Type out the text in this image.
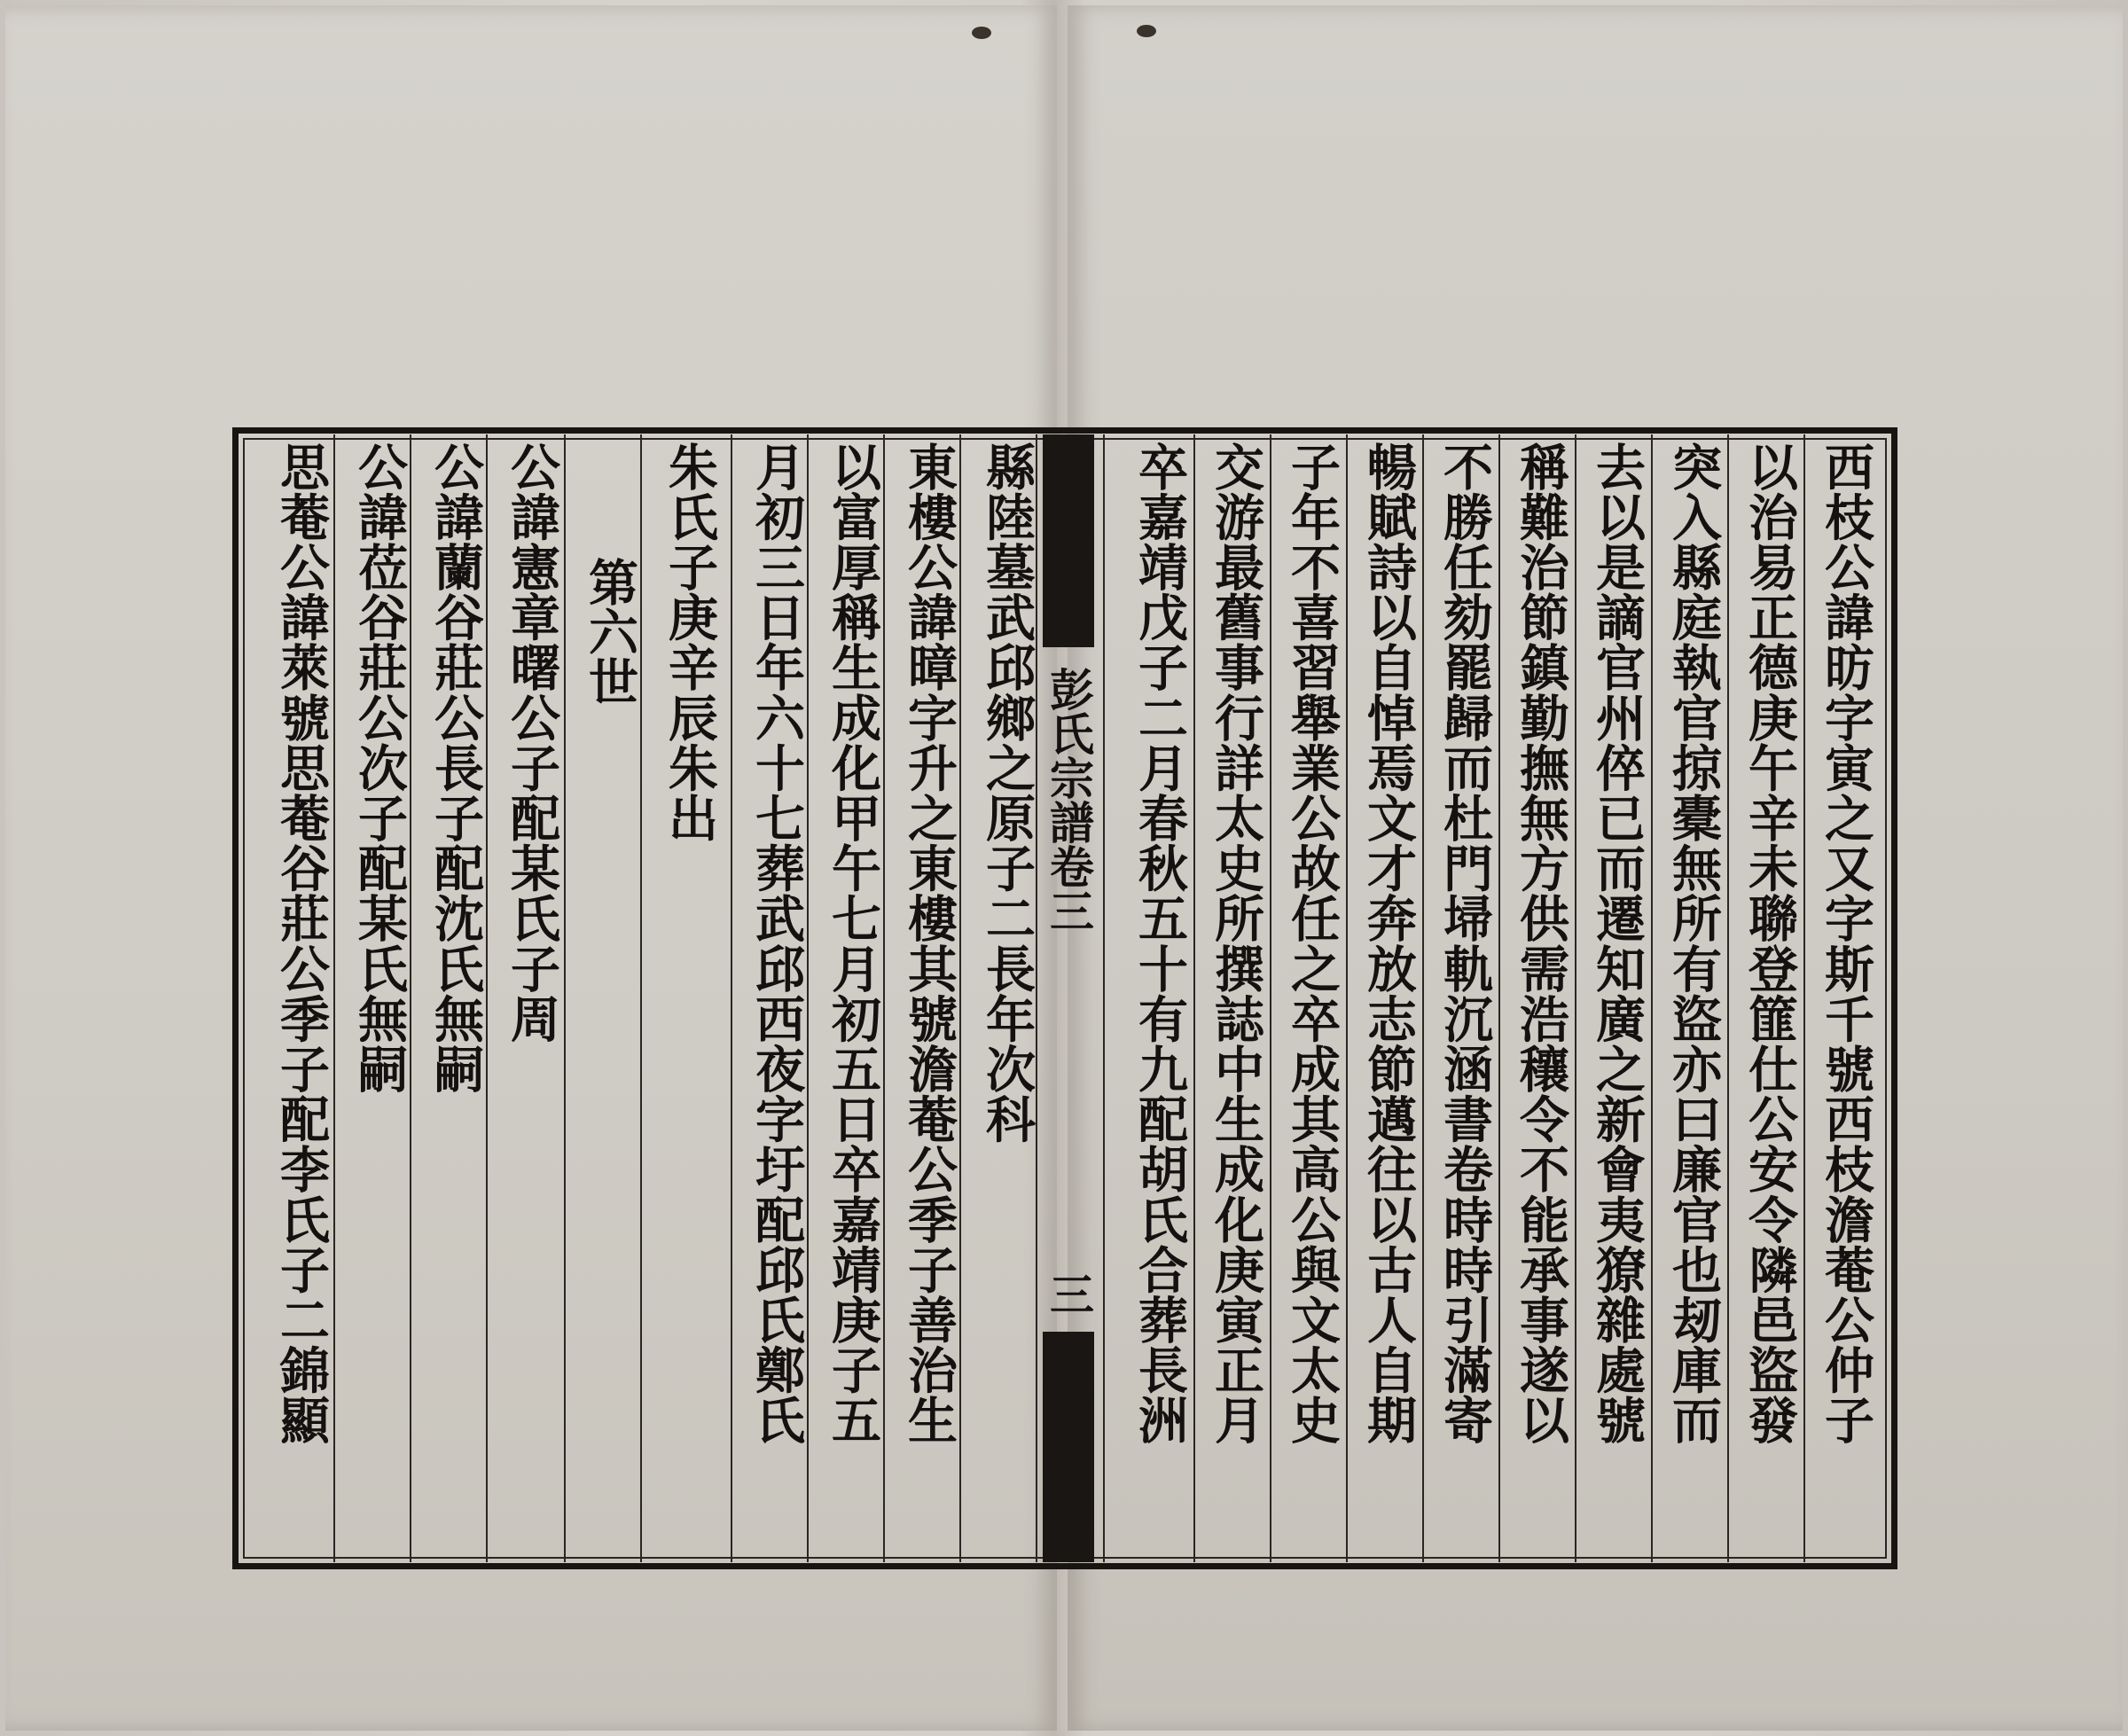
西枝公諱昉字寅之又字斯千號西枝澹菴公仲子
以治易正德庚午辛未聯登篚仕公安令隣邑盜發
突入縣庭執官掠橐無所有盜亦曰廉官也刼庫而
去以是謫官州倅已而遷知廣之新會夷獠雜處號
稱難治節鎮勤撫無方供需浩穰令不能承事遂以
不勝任劾罷歸而杜門埽軌沉涵書卷時時引滿寄
暢賦詩以自悼焉文才奔放志節邁往以古人自期
子年不喜習舉業公故任之卒成其高公與文太史
交游最舊事行詳太史所撰誌中生成化庚寅正月
卒嘉靖戊子二月春秋五十有九配胡氏合葬長洲
彭氏宗譜卷三
三
縣陸墓武邱鄉之原子二長年次科
東樓公諱暲字升之東樓其號澹菴公季子善治生
以富厚稱生成化甲午七月初五日卒嘉靖庚子五
月初三日年六十七葬武邱西夜字圩配邱氏鄭氏
朱氏子庚辛辰朱出
第六世
公諱憲章曙公子配某氏子周
公諱蘭谷莊公長子配沈氏無嗣
公諱莅谷莊公次子配某氏無嗣
思菴公諱萊號思菴谷莊公季子配李氏子二錦顯
